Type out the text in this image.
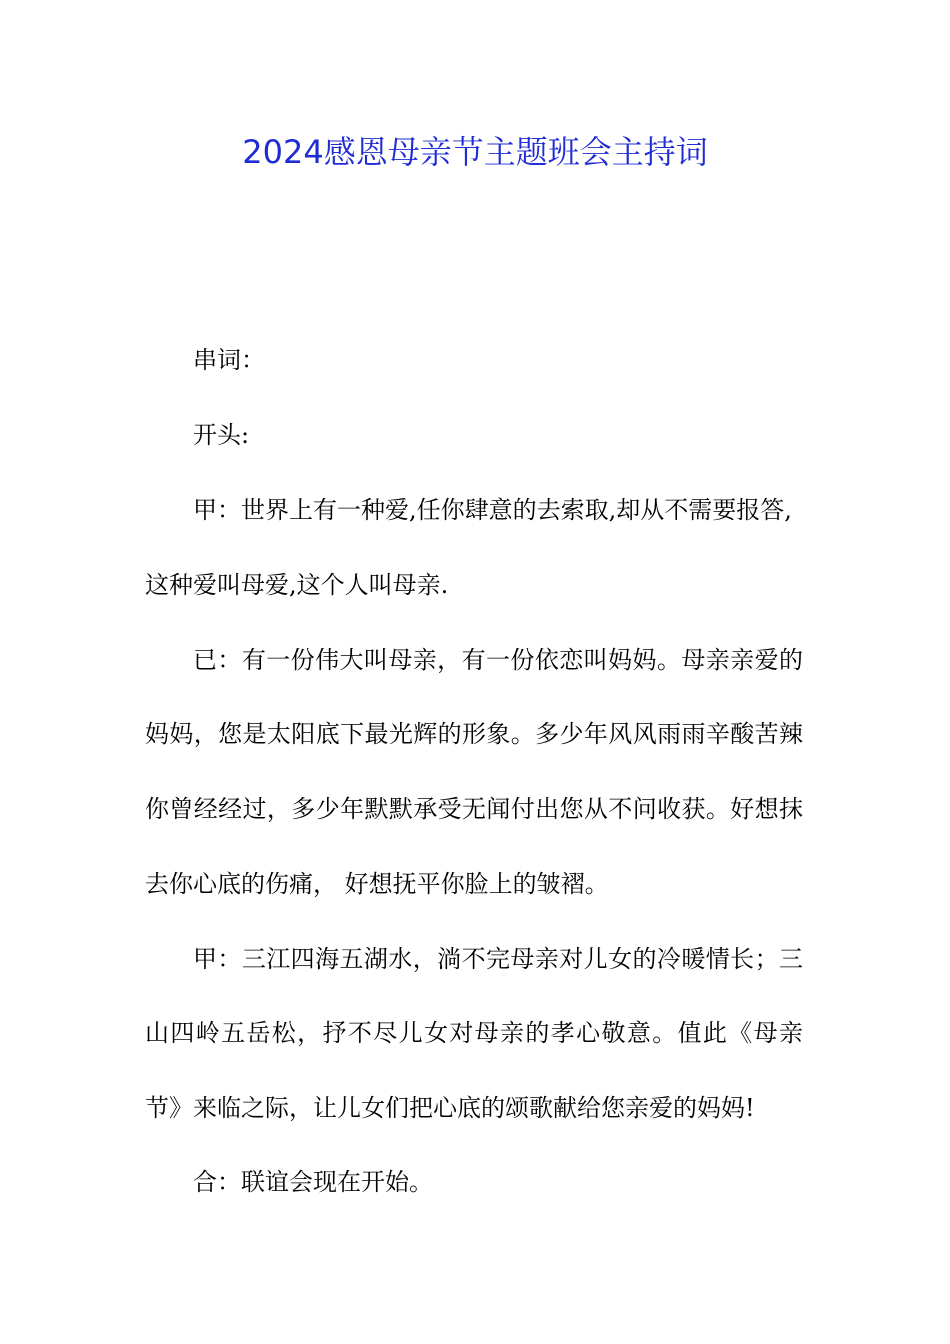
2024感恩母亲节主题班会主持词
串词：
开头:
甲：世界上有一种爱,任你肆意的去索取,却从不需要报答,
这种爱叫母爱,这个人叫母亲.
已：有一份伟大叫母亲，有一份依恋叫妈妈。母亲亲爱的
妈妈，您是太阳底下最光辉的形象。多少年风风雨雨辛酸苦辣
你曾经经过，多少年默默承受无闻付出您从不问收获。好想抹
去你心底的伤痛， 好想抚平你脸上的皱褶。
甲：三江四海五湖水，淌不完母亲对儿女的冷暖情长；三
山四岭五岳松，抒不尽儿女对母亲的孝心敬意。值此《母亲
节》来临之际，让儿女们把心底的颂歌献给您亲爱的妈妈!
合：联谊会现在开始。
